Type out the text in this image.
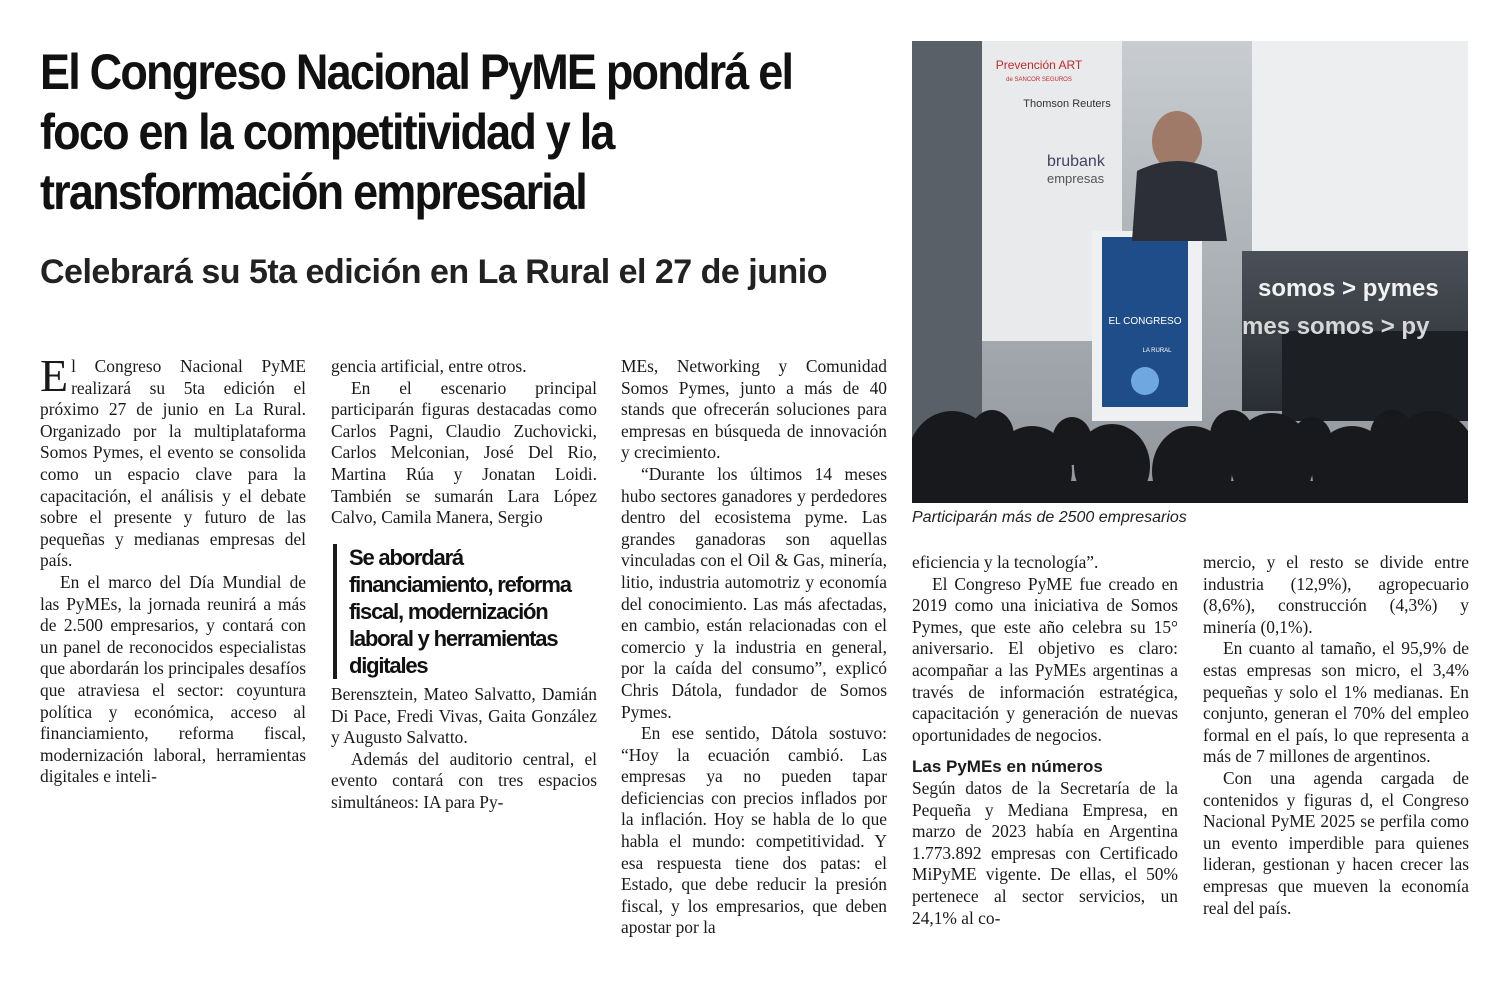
El Congreso Nacional PyME pondrá el foco en la competitividad y la transformación empresarial
Celebrará su 5ta edición en La Rural el 27 de junio

El Congreso Nacional PyME realizará su 5ta edición el próximo 27 de junio en La Rural. Organizado por la multiplataforma Somos Pymes, el evento se consolida como un espacio clave para la capacitación, el análisis y el debate sobre el presente y futuro de las pequeñas y medianas empresas del país.

En el marco del Día Mundial de las PyMEs, la jornada reunirá a más de 2.500 empresarios, y contará con un panel de reconocidos especialistas que abordarán los principales desafíos que atraviesa el sector: coyuntura política y económica, acceso al financiamiento, reforma fiscal, modernización laboral, herramientas digitales e inteli-

gencia artificial, entre otros.

En el escenario principal participarán figuras destacadas como Carlos Pagni, Claudio Zuchovicki, Carlos Melconian, José Del Rio, Martina Rúa y Jonatan Loidi. También se sumarán Lara López Calvo, Camila Manera, Sergio

Se abordará financiamiento, reforma fiscal, modernización laboral y herramientas digitales

Berensztein, Mateo Salvatto, Damián Di Pace, Fredi Vivas, Gaita González y Augusto Salvatto.

Además del auditorio central, el evento contará con tres espacios simultáneos: IA para Py-

MEs, Networking y Comunidad Somos Pymes, junto a más de 40 stands que ofrecerán soluciones para empresas en búsqueda de innovación y crecimiento.

“Durante los últimos 14 meses hubo sectores ganadores y perdedores dentro del ecosistema pyme. Las grandes ganadoras son aquellas vinculadas con el Oil & Gas, minería, litio, industria automotriz y economía del conocimiento. Las más afectadas, en cambio, están relacionadas con el comercio y la industria en general, por la caída del consumo”, explicó Chris Dátola, fundador de Somos Pymes.

En ese sentido, Dátola sostuvo: “Hoy la ecuación cambió. Las empresas ya no pueden tapar deficiencias con precios inflados por la inflación. Hoy se habla de lo que habla el mundo: competitividad. Y esa respuesta tiene dos patas: el Estado, que debe reducir la presión fiscal, y los empresarios, que deben apostar por la

Prevención ART
de SANCOR SEGUROS
Thomson Reuters
brubank
empresas
somos > pymes
mes somos > py
EL CONGRESO
LA RURAL
Participarán más de 2500 empresarios

eficiencia y la tecnología”.

El Congreso PyME fue creado en 2019 como una iniciativa de Somos Pymes, que este año celebra su 15° aniversario. El objetivo es claro: acompañar a las PyMEs argentinas a través de información estratégica, capacitación y generación de nuevas oportunidades de negocios.

Las PyMEs en números

Según datos de la Secretaría de la Pequeña y Mediana Empresa, en marzo de 2023 había en Argentina 1.773.892 empresas con Certificado MiPyME vigente. De ellas, el 50% pertenece al sector servicios, un 24,1% al co-

mercio, y el resto se divide entre industria (12,9%), agropecuario (8,6%), construcción (4,3%) y minería (0,1%).

En cuanto al tamaño, el 95,9% de estas empresas son micro, el 3,4% pequeñas y solo el 1% medianas. En conjunto, generan el 70% del empleo formal en el país, lo que representa a más de 7 millones de argentinos.

Con una agenda cargada de contenidos y figuras d, el Congreso Nacional PyME 2025 se perfila como un evento imperdible para quienes lideran, gestionan y hacen crecer las empresas que mueven la economía real del país.
